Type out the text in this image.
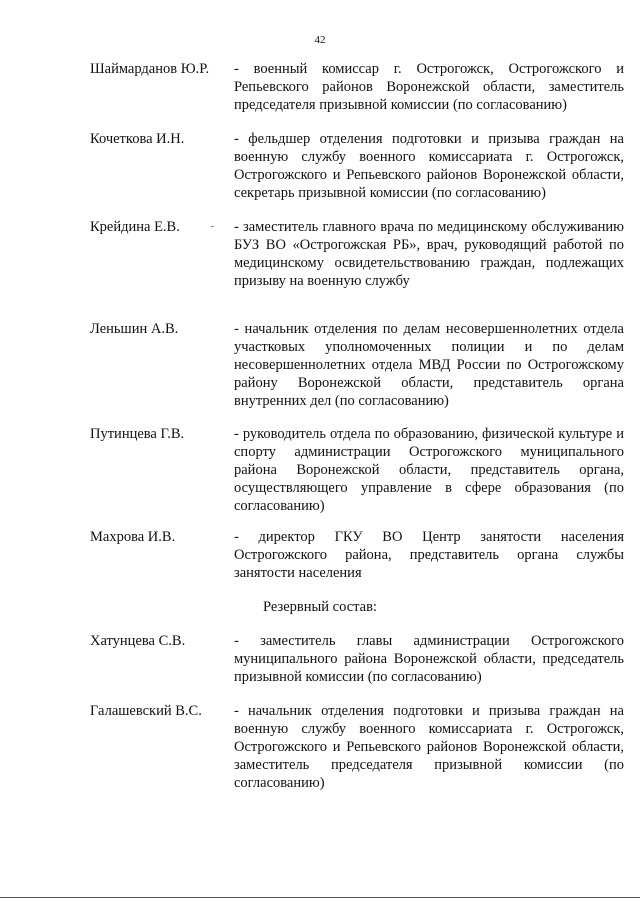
42
Шаймарданов Ю.Р.	- военный комиссар г. Острогожск, Острогожского и Репьевского районов Воронежской области, заместитель председателя призывной комиссии (по согласованию)
Кочеткова И.Н.	- фельдшер отделения подготовки и призыва граждан на военную службу военного комиссариата г. Острогожск, Острогожского и Репьевского районов Воронежской области, секретарь призывной комиссии (по согласованию)
Крейдина Е.В.	- заместитель главного врача по медицинскому обслуживанию БУЗ ВО «Острогожская РБ», врач, руководящий работой по медицинскому освидетельствованию граждан, подлежащих призыву на военную службу
Леньшин А.В.	- начальник отделения по делам несовершеннолетних отдела участковых уполномоченных полиции и по делам несовершеннолетних отдела МВД России по Острогожскому району Воронежской области, представитель органа внутренних дел (по согласованию)
Путинцева Г.В.	- руководитель отдела по образованию, физической культуре и спорту администрации Острогожского муниципального района Воронежской области, представитель органа, осуществляющего управление в сфере образования (по согласованию)
Махрова И.В.	- директор ГКУ ВО Центр занятости населения Острогожского района, представитель органа службы занятости населения
Резервный состав:
Хатунцева С.В.	- заместитель главы администрации Острогожского муниципального района Воронежской области, председатель призывной комиссии (по согласованию)
Галашевский В.С.	- начальник отделения подготовки и призыва граждан на военную службу военного комиссариата г. Острогожск, Острогожского и Репьевского районов Воронежской области, заместитель председателя призывной комиссии (по согласованию)
